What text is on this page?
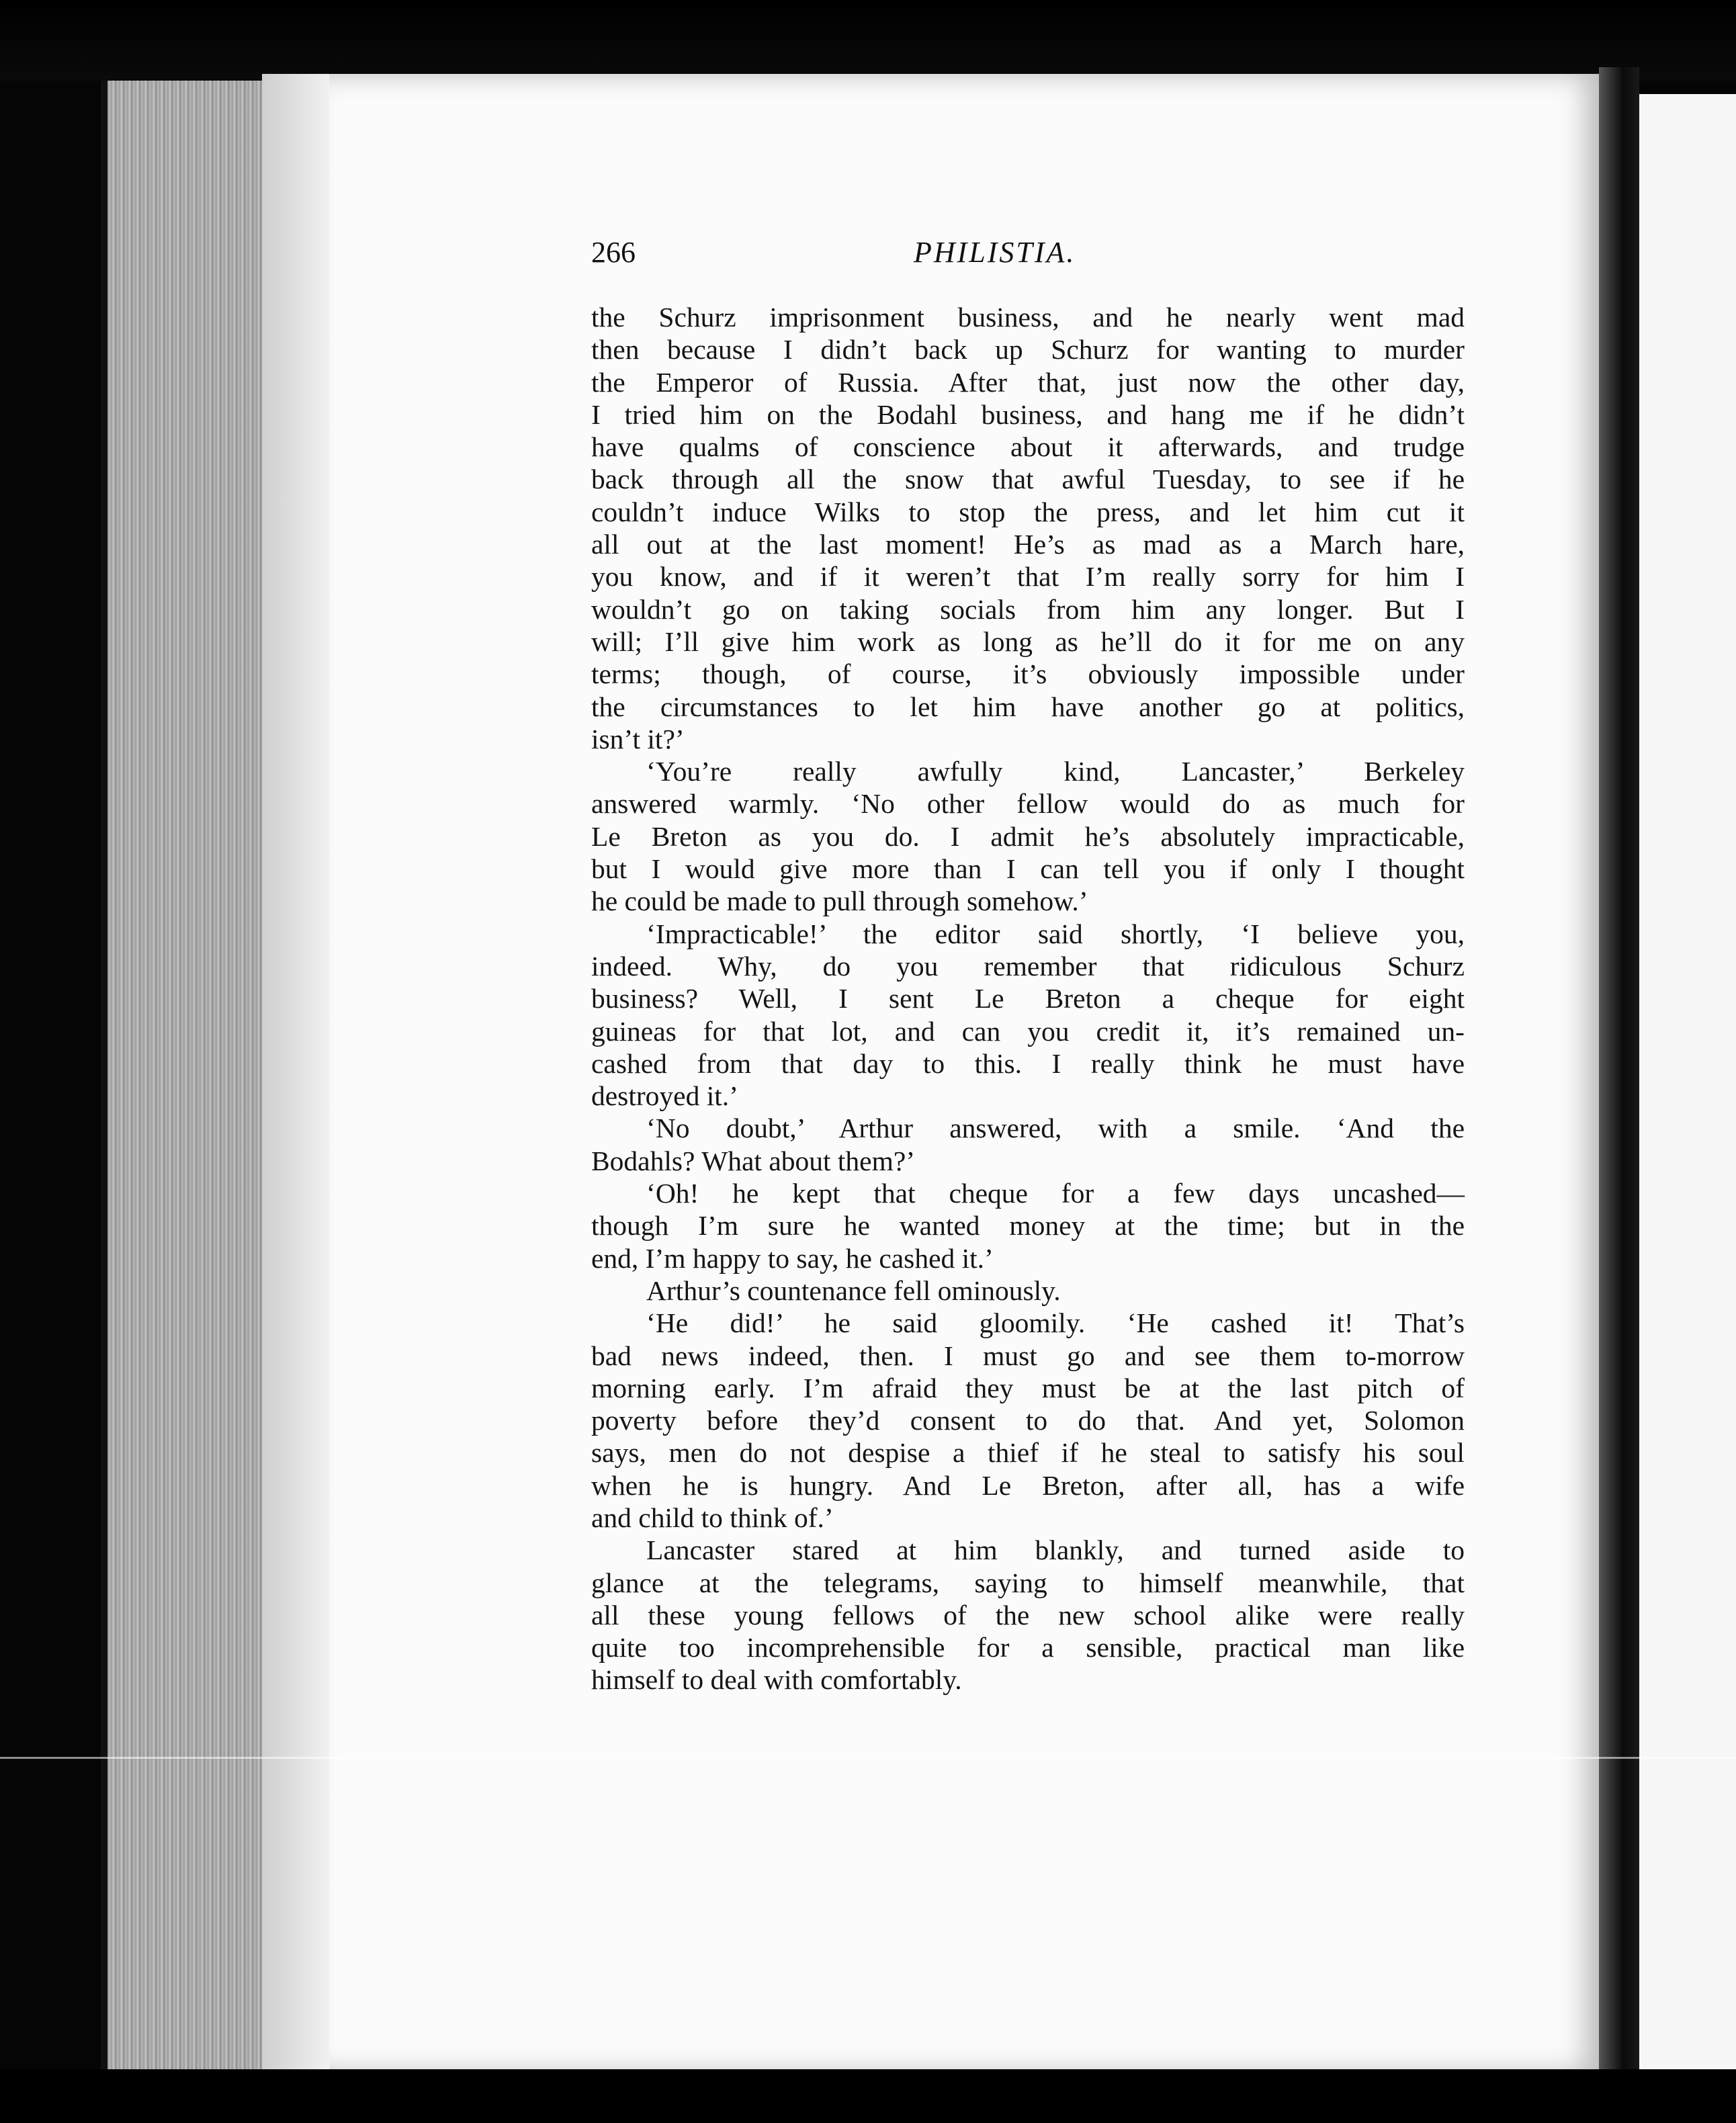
266	PHILISTIA.
the Schurz imprisonment business, and he nearly went mad
then because I didn’t back up Schurz for wanting to murder
the Emperor of Russia. After that, just now the other day,
I tried him on the Bodahl business, and hang me if he didn’t
have qualms of conscience about it afterwards, and trudge
back through all the snow that awful Tuesday, to see if he
couldn’t induce Wilks to stop the press, and let him cut it
all out at the last moment! He’s as mad as a March hare,
you know, and if it weren’t that I’m really sorry for him I
wouldn’t go on taking socials from him any longer. But I
will; I’ll give him work as long as he’ll do it for me on any
terms; though, of course, it’s obviously impossible under
the circumstances to let him have another go at politics,
isn’t it?’
‘You’re really awfully kind, Lancaster,’ Berkeley
answered warmly. ‘No other fellow would do as much for
Le Breton as you do. I admit he’s absolutely impracticable,
but I would give more than I can tell you if only I thought
he could be made to pull through somehow.’
‘Impracticable!’ the editor said shortly, ‘I believe you,
indeed. Why, do you remember that ridiculous Schurz
business? Well, I sent Le Breton a cheque for eight
guineas for that lot, and can you credit it, it’s remained un-
cashed from that day to this. I really think he must have
destroyed it.’
‘No doubt,’ Arthur answered, with a smile. ‘And the
Bodahls? What about them?’
‘Oh! he kept that cheque for a few days uncashed—
though I’m sure he wanted money at the time; but in the
end, I’m happy to say, he cashed it.’
Arthur’s countenance fell ominously.
‘He did!’ he said gloomily. ‘He cashed it! That’s
bad news indeed, then. I must go and see them to-morrow
morning early. I’m afraid they must be at the last pitch of
poverty before they’d consent to do that. And yet, Solomon
says, men do not despise a thief if he steal to satisfy his soul
when he is hungry. And Le Breton, after all, has a wife
and child to think of.’
Lancaster stared at him blankly, and turned aside to
glance at the telegrams, saying to himself meanwhile, that
all these young fellows of the new school alike were really
quite too incomprehensible for a sensible, practical man like
himself to deal with comfortably.
